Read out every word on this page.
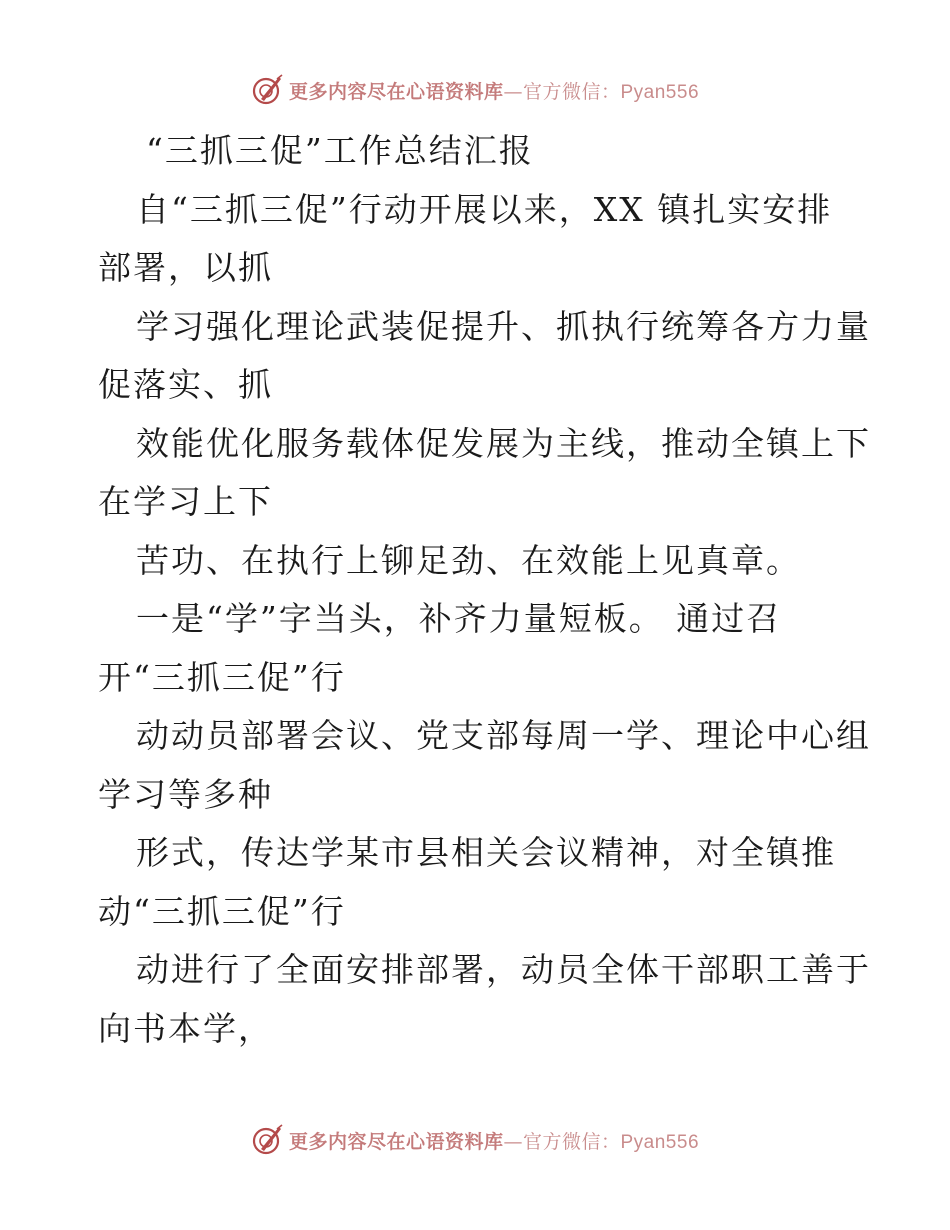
更多内容尽在心语资料库—官方微信：Pyan556
“三抓三促”工作总结汇报
自“三抓三促”行动开展以来，XX 镇扎实安排
部署，以抓
学习强化理论武装促提升、抓执行统筹各方力量
促落实、抓
效能优化服务载体促发展为主线，推动全镇上下
在学习上下
苦功、在执行上铆足劲、在效能上见真章。
一是“学”字当头，补齐力量短板。 通过召
开“三抓三促”行
动动员部署会议、党支部每周一学、理论中心组
学习等多种
形式，传达学某市县相关会议精神，对全镇推
动“三抓三促”行
动进行了全面安排部署，动员全体干部职工善于
向书本学，
更多内容尽在心语资料库—官方微信：Pyan556
